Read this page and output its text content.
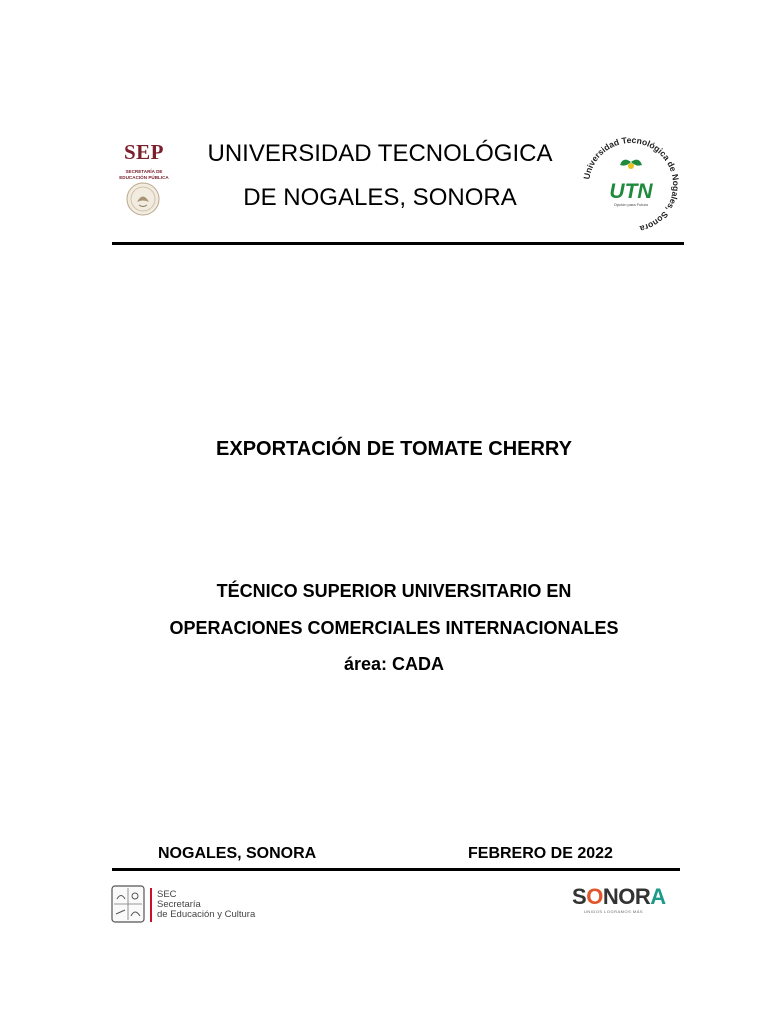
SEP
SECRETARÍA DE EDUCACIÓN PÚBLICA
UNIVERSIDAD TECNOLÓGICA
DE NOGALES, SONORA
Universidad Tecnológica de Nogales, Sonora
UTN
Opción para Futuro
EXPORTACIÓN DE TOMATE CHERRY
TÉCNICO SUPERIOR UNIVERSITARIO EN
OPERACIONES COMERCIALES INTERNACIONALES
área: CADA
NOGALES, SONORA	FEBRERO DE 2022
SEC
Secretaría
de Educación y Cultura
SONORA
UNIDOS LOGRAMOS MÁS
